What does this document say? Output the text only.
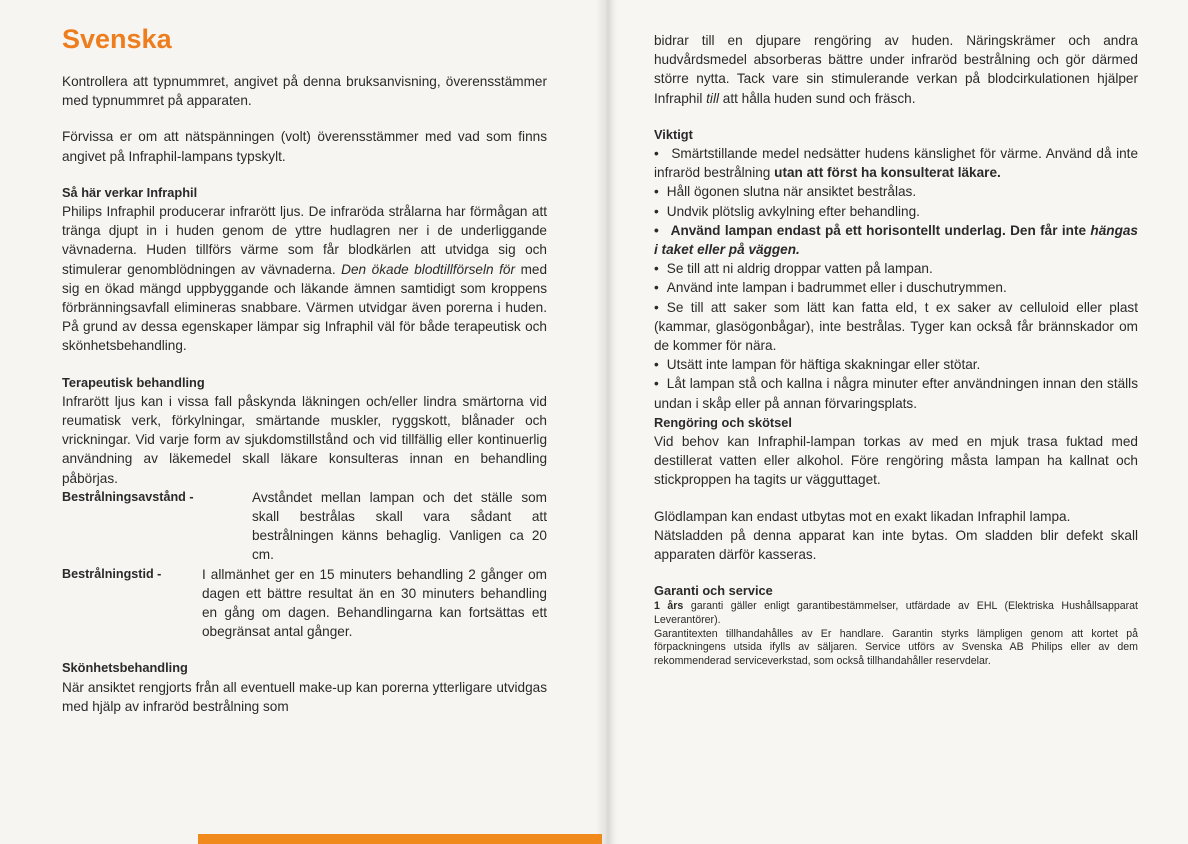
Svenska

Kontrollera att typnummret, angivet på denna bruksanvisning, överensstämmer med typnummret på apparaten.

Förvissa er om att nätspänningen (volt) överensstämmer med vad som finns angivet på Infraphil-lampans typskylt.

Så här verkar Infraphil

Philips Infraphil producerar infrarött ljus. De infraröda strålarna har förmågan att tränga djupt in i huden genom de yttre hudlagren ner i de underliggande vävnaderna. Huden tillförs värme som får blodkärlen att utvidga sig och stimulerar genomblödningen av vävnaderna. Den ökade blodtillförseln för med sig en ökad mängd uppbyggande och läkande ämnen samtidigt som kroppens förbränningsavfall elimineras snabbare. Värmen utvidgar även porerna i huden. På grund av dessa egenskaper lämpar sig Infraphil väl för både terapeutisk och skönhetsbehandling.

Terapeutisk behandling

Infrarött ljus kan i vissa fall påskynda läkningen och/eller lindra smärtorna vid reumatisk verk, förkylningar, smärtande muskler, ryggskott, blånader och vrickningar. Vid varje form av sjukdomstillstånd och vid tillfällig eller kontinuerlig användning av läkemedel skall läkare konsulteras innan en behandling påbörjas.

Bestrålningsavstånd -	Avståndet mellan lampan och det ställe som skall bestrålas skall vara sådant att bestrålningen känns behaglig. Vanligen ca 20 cm.
Bestrålningstid -	I allmänhet ger en 15 minuters behandling 2 gånger om dagen ett bättre resultat än en 30 minuters behandling en gång om dagen. Behandlingarna kan fortsättas ett obegränsat antal gånger.
Skönhetsbehandling

När ansiktet rengjorts från all eventuell make-up kan porerna ytterligare utvidgas med hjälp av infraröd bestrålning som

bidrar till en djupare rengöring av huden. Näringskrämer och andra hudvårdsmedel absorberas bättre under infraröd bestrålning och gör därmed större nytta. Tack vare sin stimulerande verkan på blodcirkulationen hjälper Infraphil till att hålla huden sund och fräsch.

Viktigt

• Smärtstillande medel nedsätter hudens känslighet för värme. Använd då inte infraröd bestrålning utan att först ha konsulterat läkare.

• Håll ögonen slutna när ansiktet bestrålas.

• Undvik plötslig avkylning efter behandling.

• Använd lampan endast på ett horisontellt underlag. Den får inte hängas i taket eller på väggen.

• Se till att ni aldrig droppar vatten på lampan.

• Använd inte lampan i badrummet eller i duschutrymmen.

• Se till att saker som lätt kan fatta eld, t ex saker av celluloid eller plast (kammar, glasögonbågar), inte bestrålas. Tyger kan också får brännskador om de kommer för nära.

• Utsätt inte lampan för häftiga skakningar eller stötar.

• Låt lampan stå och kallna i några minuter efter användningen innan den ställs undan i skåp eller på annan förvaringsplats.

Rengöring och skötsel

Vid behov kan Infraphil-lampan torkas av med en mjuk trasa fuktad med destillerat vatten eller alkohol. Före rengöring måsta lampan ha kallnat och stickproppen ha tagits ur vägguttaget.

Glödlampan kan endast utbytas mot en exakt likadan Infraphil lampa.

Nätsladden på denna apparat kan inte bytas. Om sladden blir defekt skall apparaten därför kasseras.

Garanti och service

1 års garanti gäller enligt garantibestämmelser, utfärdade av EHL (Elektriska Hushållsapparat Leverantörer).

Garantitexten tillhandahålles av Er handlare. Garantin styrks lämpligen genom att kortet på förpackningens utsida ifylls av säljaren. Service utförs av Svenska AB Philips eller av dem rekommenderad serviceverkstad, som också tillhandahåller reservdelar.
